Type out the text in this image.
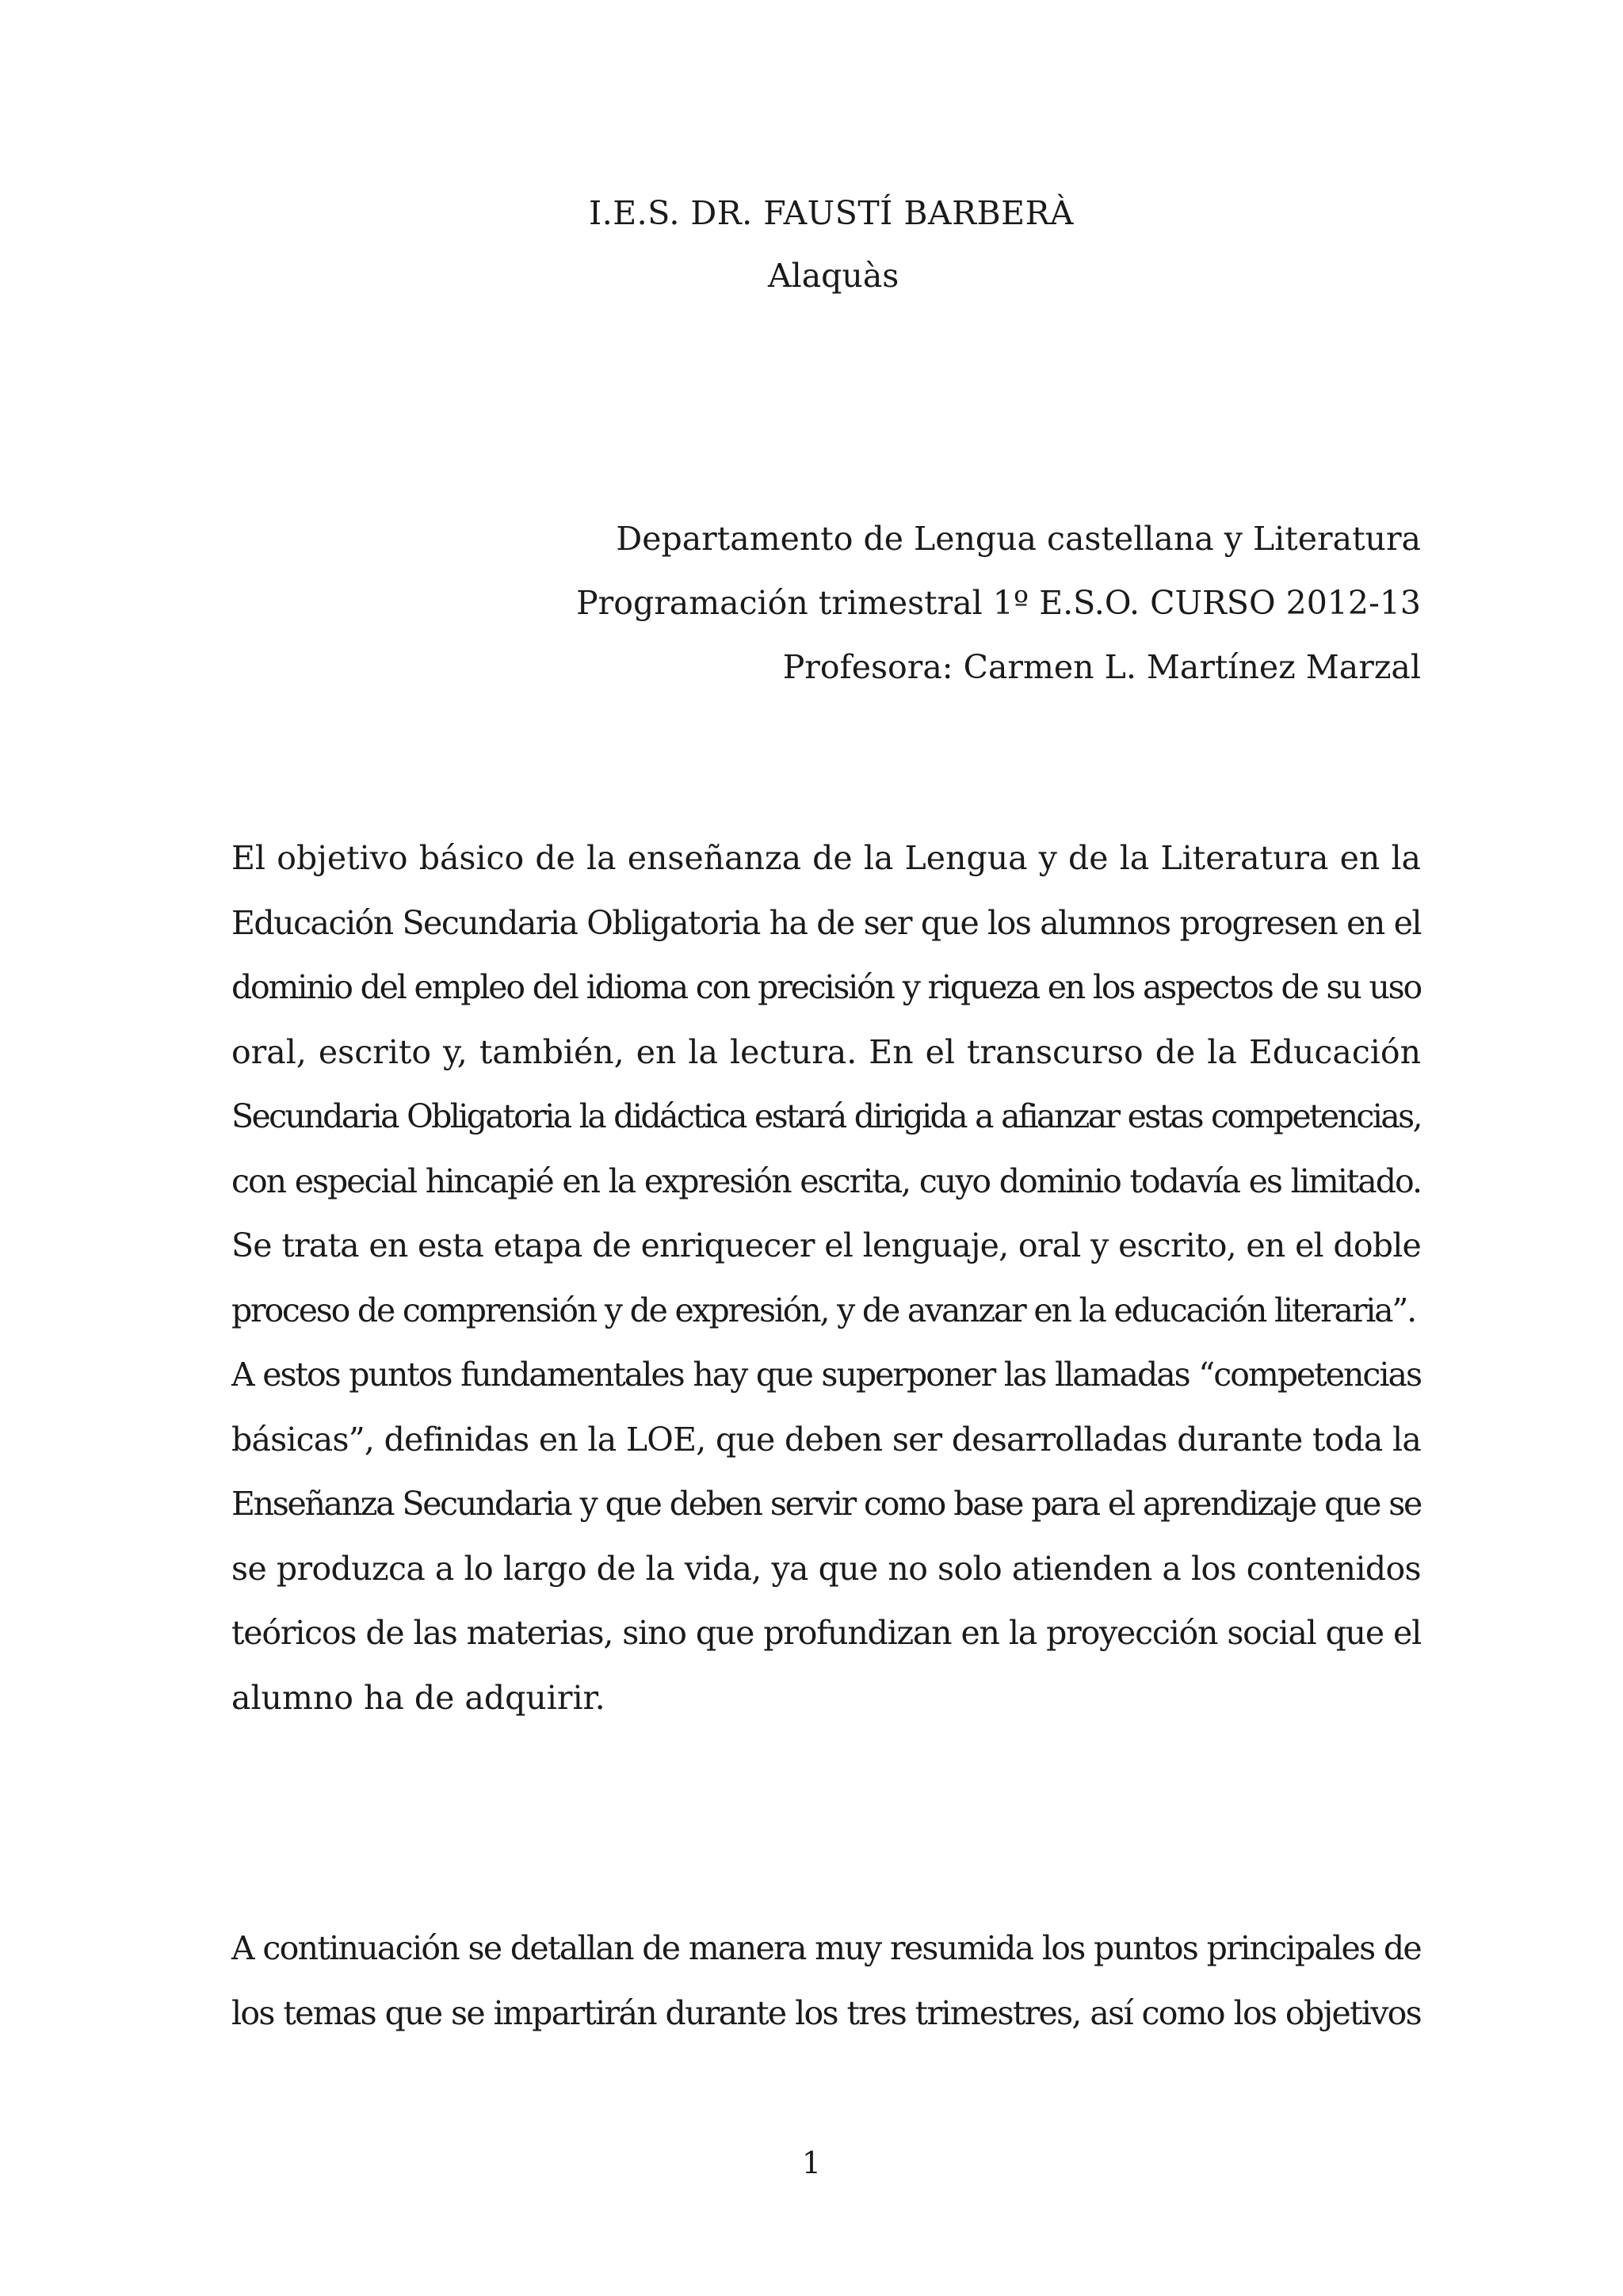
I.E.S. DR. FAUSTÍ BARBERÀ
Alaquàs
Departamento de Lengua castellana y Literatura
Programación trimestral 1º E.S.O. CURSO 2012-13
Profesora: Carmen L. Martínez Marzal
El objetivo básico de la enseñanza de la Lengua y de la Literatura en la
Educación Secundaria Obligatoria ha de ser que los alumnos progresen en el
dominio del empleo del idioma con precisión y riqueza en los aspectos de su uso
oral, escrito y, también, en la lectura. En el transcurso de la Educación
Secundaria Obligatoria la didáctica estará dirigida a afianzar estas competencias,
con especial hincapié en la expresión escrita, cuyo dominio todavía es limitado.
Se trata en esta etapa de enriquecer el lenguaje, oral y escrito, en el doble
proceso de comprensión y de expresión, y de avanzar en la educación literaria”.
A estos puntos fundamentales hay que superponer las llamadas “competencias
básicas”, definidas en la LOE, que deben ser desarrolladas durante toda la
Enseñanza Secundaria y que deben servir como base para el aprendizaje que se
se produzca a lo largo de la vida, ya que no solo atienden a los contenidos
teóricos de las materias, sino que profundizan en la proyección social que el
alumno ha de adquirir.
A continuación se detallan de manera muy resumida los puntos principales de
los temas que se impartirán durante los tres trimestres, así como los objetivos
1
